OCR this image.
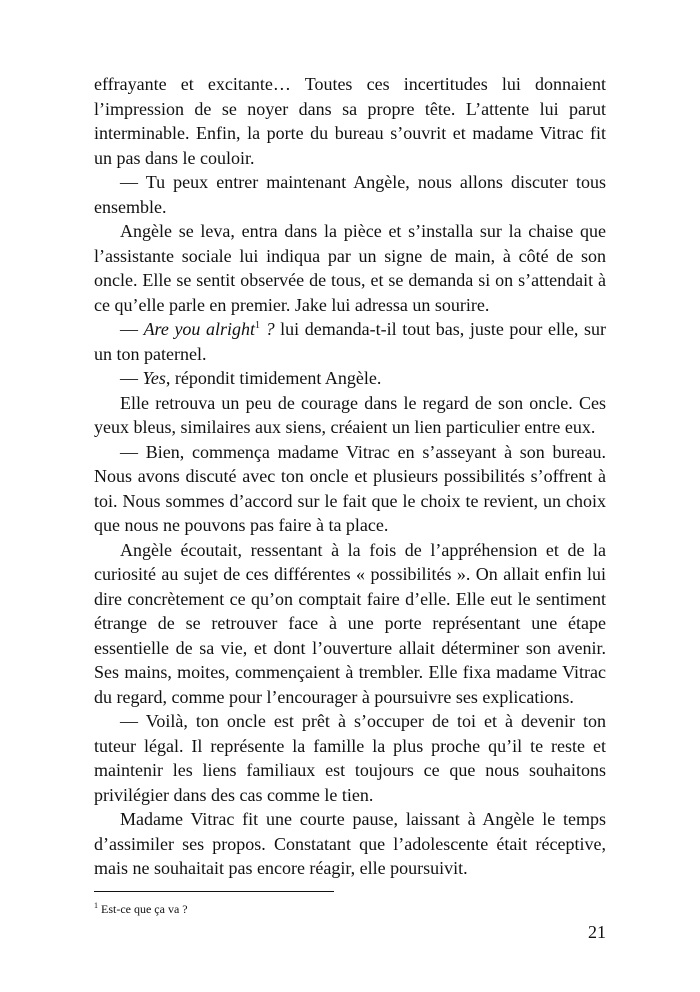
effrayante et excitante… Toutes ces incertitudes lui donnaient l’impression de se noyer dans sa propre tête. L’attente lui parut interminable. Enfin, la porte du bureau s’ouvrit et madame Vitrac fit un pas dans le couloir.

— Tu peux entrer maintenant Angèle, nous allons discuter tous ensemble.

Angèle se leva, entra dans la pièce et s’installa sur la chaise que l’assistante sociale lui indiqua par un signe de main, à côté de son oncle. Elle se sentit observée de tous, et se demanda si on s’attendait à ce qu’elle parle en premier. Jake lui adressa un sourire.

— Are you alright$^1$ ? lui demanda-t-il tout bas, juste pour elle, sur un ton paternel.

— Yes, répondit timidement Angèle.

Elle retrouva un peu de courage dans le regard de son oncle. Ces yeux bleus, similaires aux siens, créaient un lien particulier entre eux.

— Bien, commença madame Vitrac en s’asseyant à son bureau. Nous avons discuté avec ton oncle et plusieurs possibilités s’offrent à toi. Nous sommes d’accord sur le fait que le choix te revient, un choix que nous ne pouvons pas faire à ta place.

Angèle écoutait, ressentant à la fois de l’appréhension et de la curiosité au sujet de ces différentes « possibilités ». On allait enfin lui dire concrètement ce qu’on comptait faire d’elle. Elle eut le sentiment étrange de se retrouver face à une porte représentant une étape essentielle de sa vie, et dont l’ouverture allait déterminer son avenir. Ses mains, moites, commençaient à trembler. Elle fixa madame Vitrac du regard, comme pour l’encourager à poursuivre ses explications.

— Voilà, ton oncle est prêt à s’occuper de toi et à devenir ton tuteur légal. Il représente la famille la plus proche qu’il te reste et maintenir les liens familiaux est toujours ce que nous souhaitons privilégier dans des cas comme le tien.

Madame Vitrac fit une courte pause, laissant à Angèle le temps d’assimiler ses propos. Constatant que l’adolescente était réceptive, mais ne souhaitait pas encore réagir, elle poursuivit.

$^1$ Est-ce que ça va ?
21
